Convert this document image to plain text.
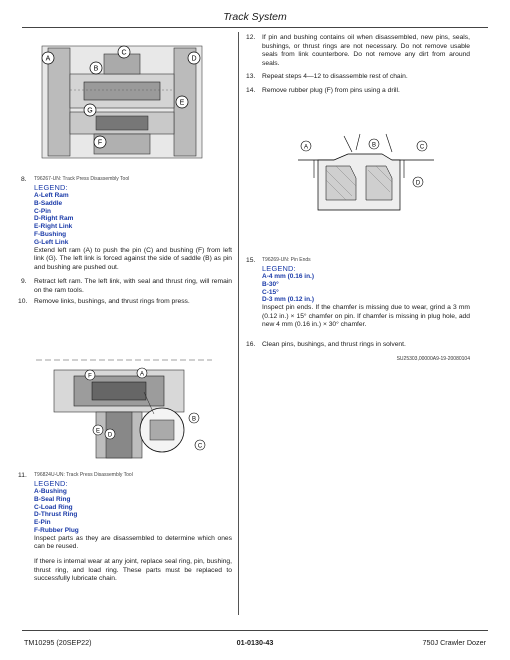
Track System
A
B
C
D
E
F
G
8. T96267-UN: Track Press Disassembly Tool
LEGEND:
A-Left Ram
B-Saddle
C-Pin
D-Right Ram
E-Right Link
F-Bushing
G-Left Link
Extend left ram (A) to push the pin (C) and bushing (F) from left link (G). The left link is forced against the side of saddle (B) as pin and bushing are pushed out.
9. Retract left ram. The left link, with seal and thrust ring, will remain on the ram tools.
10. Remove links, bushings, and thrust rings from press.
F	A
B
C
D
E
11. T96824U-UN: Track Press Disassembly Tool
LEGEND:
A-Bushing
B-Seal Ring
C-Load Ring
D-Thrust Ring
E-Pin
F-Rubber Plug
Inspect parts as they are disassembled to determine which ones can be reused.
If there is internal wear at any joint, replace seal ring, pin, bushing, thrust ring, and load ring. These parts must be replaced to successfully lubricate chain.
12. If pin and bushing contains oil when disassembled, new pins, seals, bushings, or thrust rings are not necessary. Do not remove usable seals from link counterbore. Do not remove any dirt from around seals.
13. Repeat steps 4—12 to disassemble rest of chain.
14. Remove rubber plug (F) from pins using a drill.
A	B	C
D
15. T96269-UN: Pin Ends
LEGEND:
A-4 mm (0.16 in.)
B-30°
C-15°
D-3 mm (0.12 in.)
Inspect pin ends. If the chamfer is missing due to wear, grind a 3 mm (0.12 in.) × 15° chamfer on pin. If chamfer is missing in plug hole, add new 4 mm (0.16 in.) × 30° chamfer.
16. Clean pins, bushings, and thrust rings in solvent.
SU25303,00000A9-19-20080104
TM10295 (20SEP22)	01-0130-43	750J Crawler Dozer
